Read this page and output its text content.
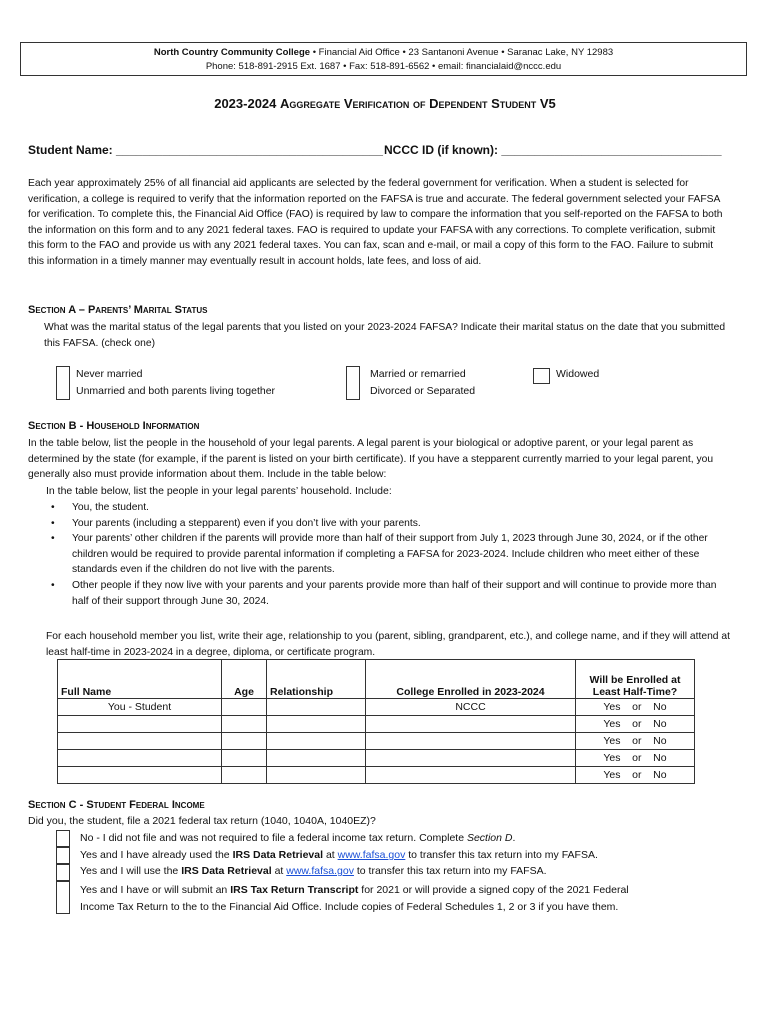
North Country Community College • Financial Aid Office • 23 Santanoni Avenue • Saranac Lake, NY 12983
Phone: 518-891-2915 Ext. 1687 • Fax: 518-891-6562 • email: financialaid@nccc.edu
2023-2024 Aggregate Verification of Dependent Student V5
Student Name: ________________________________________ NCCC ID (if known): _________________________________
Each year approximately 25% of all financial aid applicants are selected by the federal government for verification. When a student is selected for verification, a college is required to verify that the information reported on the FAFSA is true and accurate. The federal government selected your FAFSA for verification. To complete this, the Financial Aid Office (FAO) is required by law to compare the information that you self-reported on the FAFSA to both the information on this form and to any 2021 federal taxes. FAO is required to update your FAFSA with any corrections. To complete verification, submit this form to the FAO and provide us with any 2021 federal taxes. You can fax, scan and e-mail, or mail a copy of this form to the FAO. Failure to submit this information in a timely manner may eventually result in account holds, late fees, and loss of aid.
Section A – Parents’ Marital Status
What was the marital status of the legal parents that you listed on your 2023-2024 FAFSA? Indicate their marital status on the date that you submitted this FAFSA. (check one)
Never married
Unmarried and both parents living together
Married or remarried
Divorced or Separated
Widowed
Section B - Household Information
In the table below, list the people in the household of your legal parents. A legal parent is your biological or adoptive parent, or your legal parent as determined by the state (for example, if the parent is listed on your birth certificate). If you have a stepparent currently married to your legal parent, you generally also must provide information about them. Include in the table below:
In the table below, list the people in your legal parents’ household. Include:
• You, the student.
• Your parents (including a stepparent) even if you don’t live with your parents.
• Your parents’ other children if the parents will provide more than half of their support from July 1, 2023 through June 30, 2024, or if the other children would be required to provide parental information if completing a FAFSA for 2023-2024. Include children who meet either of these standards even if the children do not live with the parents.
• Other people if they now live with your parents and your parents provide more than half of their support and will continue to provide more than half of their support through June 30, 2024.
For each household member you list, write their age, relationship to you (parent, sibling, grandparent, etc.), and college name, and if they will attend at least half-time in 2023-2024 in a degree, diploma, or certificate program.
Full Name	Age	Relationship	College Enrolled in 2023-2024	Will be Enrolled at Least Half-Time?
You - Student			NCCC	Yes    or    No
				Yes    or    No
				Yes    or    No
				Yes    or    No
				Yes    or    No
Section C - Student Federal Income
Did you, the student, file a 2021 federal tax return (1040, 1040A, 1040EZ)?
No - I did not file and was not required to file a federal income tax return. Complete Section D.
Yes and I have already used the IRS Data Retrieval at www.fafsa.gov to transfer this tax return into my FAFSA.
Yes and I will use the IRS Data Retrieval at www.fafsa.gov to transfer this tax return into my FAFSA.
Yes and I have or will submit an IRS Tax Return Transcript for 2021 or will provide a signed copy of the 2021 Federal
Income Tax Return to the to the Financial Aid Office. Include copies of Federal Schedules 1, 2 or 3 if you have them.
